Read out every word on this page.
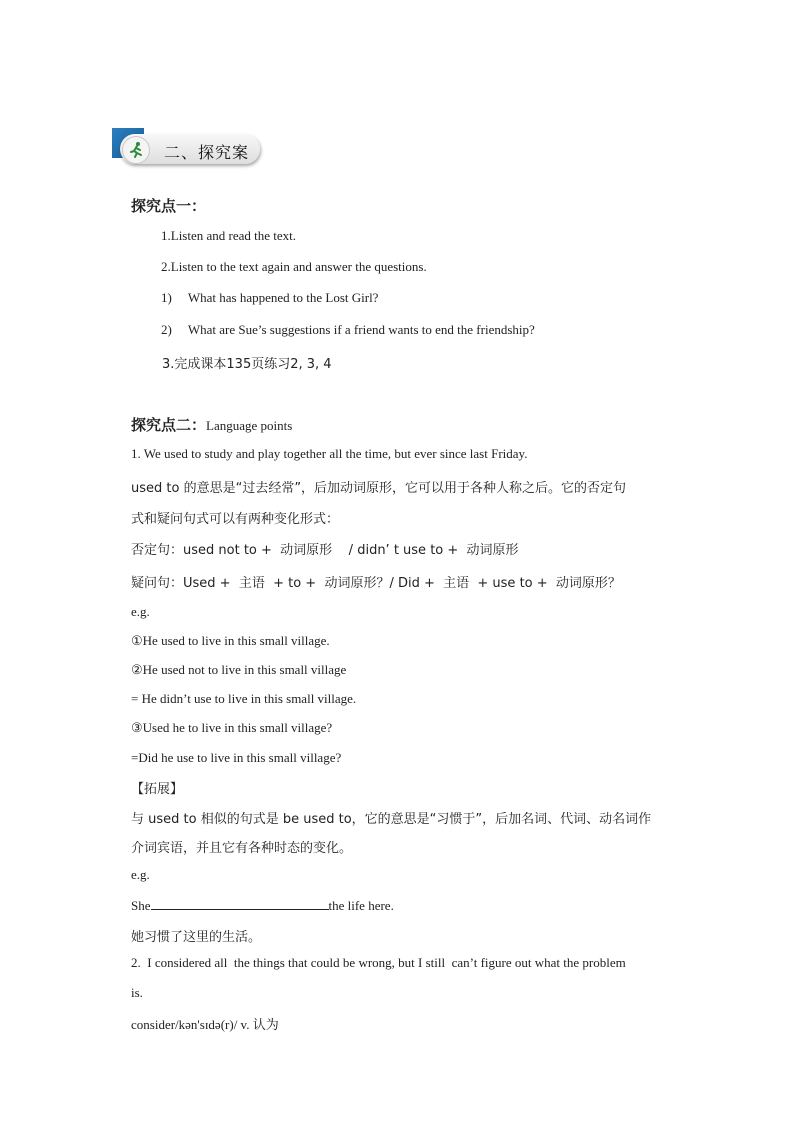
二、探究案
探究点一：
1.Listen and read the text.
2.Listen to the text again and answer the questions.
1)     What has happened to the Lost Girl?
2)     What are Sue’s suggestions if a friend wants to end the friendship?
3.完成课本135页练习2, 3, 4
探究点二：Language points
1. We used to study and play together all the time, but ever since last Friday.
used to 的意思是“过去经常”，后加动词原形，它可以用于各种人称之后。它的否定句
式和疑问句式可以有两种变化形式：
否定句：used not to +  动词原形    / didn’ t use to +  动词原形
疑问句：Used +  主语  + to +  动词原形？/ Did +  主语  + use to +  动词原形？
e.g.
①He used to live in this small village.
②He used not to live in this small village
= He didn’t use to live in this small village.
③Used he to live in this small village?
=Did he use to live in this small village?
【拓展】
与 used to 相似的句式是 be used to，它的意思是“习惯于”，后加名词、代词、动名词作
介词宾语，并且它有各种时态的变化。
e.g.
She	the life here.
她习惯了这里的生活。
2.  I considered all  the things that could be wrong, but I still  can’t figure out what the problem
is.
consider/kən'sɪdə(r)/ v. 认为
